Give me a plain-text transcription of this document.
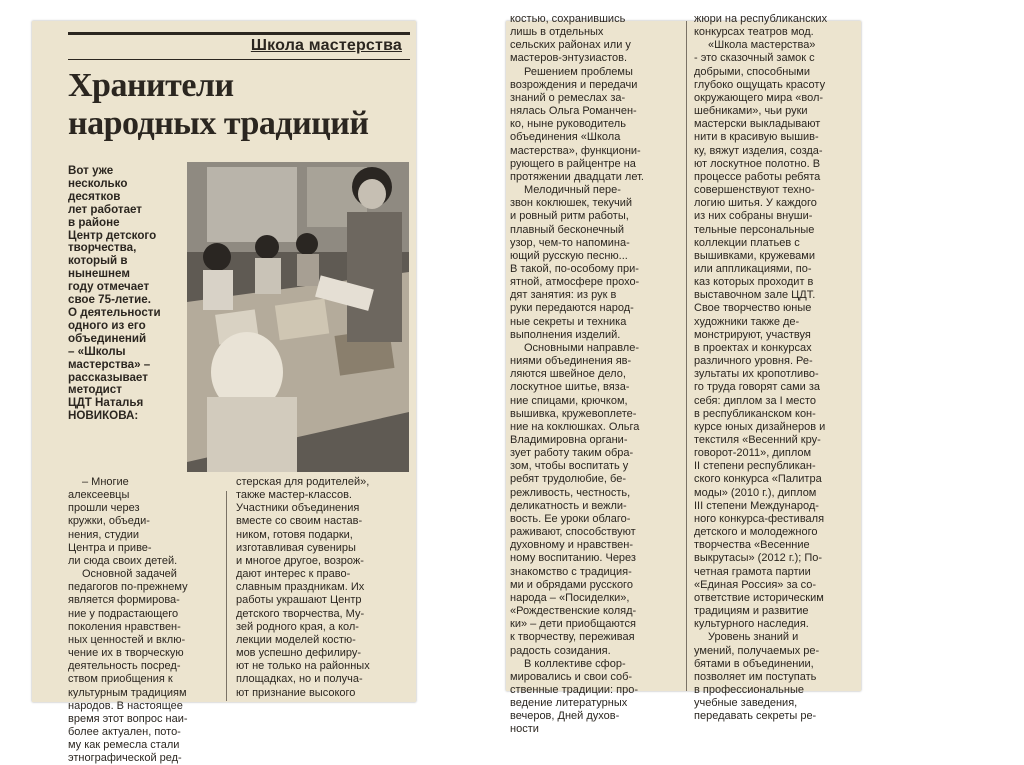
Школа мастерства
Хранители
народных традиций
Вот уже
несколько
десятков
лет работает
в районе
Центр детского
творчества,
который в
нынешнем
году отмечает
свое 75-летие.
О деятельности
одного из его
объединений
– «Школы
мастерства» –
рассказывает
методист
ЦДТ Наталья
НОВИКОВА:
– Многие
алексеевцы
прошли через
кружки, объеди-
нения, студии
Центра и приве-
ли сюда своих детей.
Основной задачей
педагогов по-прежнему
является формирова-
ние у подрастающего
поколения нравствен-
ных ценностей и вклю-
чение их в творческую
деятельность посред-
ством приобщения к
культурным традициям
народов. В настоящее
время этот вопрос наи-
более актуален, пото-
му как ремесла стали
этнографической ред-
стерская для родителей»,
также мастер-классов.
Участники объединения
вместе со своим настав-
ником, готовя подарки,
изготавливая сувениры
и многое другое, возрож-
дают интерес к право-
славным праздникам. Их
работы украшают Центр
детского творчества, Му-
зей родного края, а кол-
лекции моделей костю-
мов успешно дефилиру-
ют не только на районных
площадках, но и получа-
ют признание высокого
костью, сохранившись
лишь в отдельных
сельских районах или у
мастеров-энтузиастов.
Решением проблемы
возрождения и передачи
знаний о ремеслах за-
нялась Ольга Романчен-
ко, ныне руководитель
объединения «Школа
мастерства», функциони-
рующего в райцентре на
протяжении двадцати лет.
Мелодичный пере-
звон коклюшек, текучий
и ровный ритм работы,
плавный бесконечный
узор, чем-то напомина-
ющий русскую песню...
В такой, по-особому при-
ятной, атмосфере прохо-
дят занятия: из рук в
руки передаются народ-
ные секреты и техника
выполнения изделий.
Основными направле-
ниями объединения яв-
ляются швейное дело,
лоскутное шитье, вяза-
ние спицами, крючком,
вышивка, кружевоплете-
ние на коклюшках. Ольга
Владимировна органи-
зует работу таким обра-
зом, чтобы воспитать у
ребят трудолюбие, бе-
режливость, честность,
деликатность и вежли-
вость. Ее уроки облаго-
раживают, способствуют
духовному и нравствен-
ному воспитанию. Через
знакомство с традиция-
ми и обрядами русского
народа – «Посиделки»,
«Рождественские коляд-
ки» – дети приобщаются
к творчеству, переживая
радость созидания.
В коллективе сфор-
мировались и свои соб-
ственные традиции: про-
ведение литературных
вечеров, Дней духов-
ности
жюри на республиканских
конкурсах театров мод.
«Школа мастерства»
- это сказочный замок с
добрыми, способными
глубоко ощущать красоту
окружающего мира «вол-
шебниками», чьи руки
мастерски выкладывают
нити в красивую вышив-
ку, вяжут изделия, созда-
ют лоскутное полотно. В
процессе работы ребята
совершенствуют техно-
логию шитья. У каждого
из них собраны внуши-
тельные персональные
коллекции платьев с
вышивками, кружевами
или аппликациями, по-
каз которых проходит в
выставочном зале ЦДТ.
Свое творчество юные
художники также де-
монстрируют, участвуя
в проектах и конкурсах
различного уровня. Ре-
зультаты их кропотливо-
го труда говорят сами за
себя: диплом за I место
в республиканском кон-
курсе юных дизайнеров и
текстиля «Весенний кру-
говорот-2011», диплом
II степени республикан-
ского конкурса «Палитра
моды» (2010 г.), диплом
III степени Международ-
ного конкурса-фестиваля
детского и молодежного
творчества «Весенние
выкрутасы» (2012 г.); По-
четная грамота партии
«Единая Россия» за со-
ответствие историческим
традициям и развитие
культурного наследия.
Уровень знаний и
умений, получаемых ре-
бятами в объединении,
позволяет им поступать
в профессиональные
учебные заведения,
передавать секреты ре-
